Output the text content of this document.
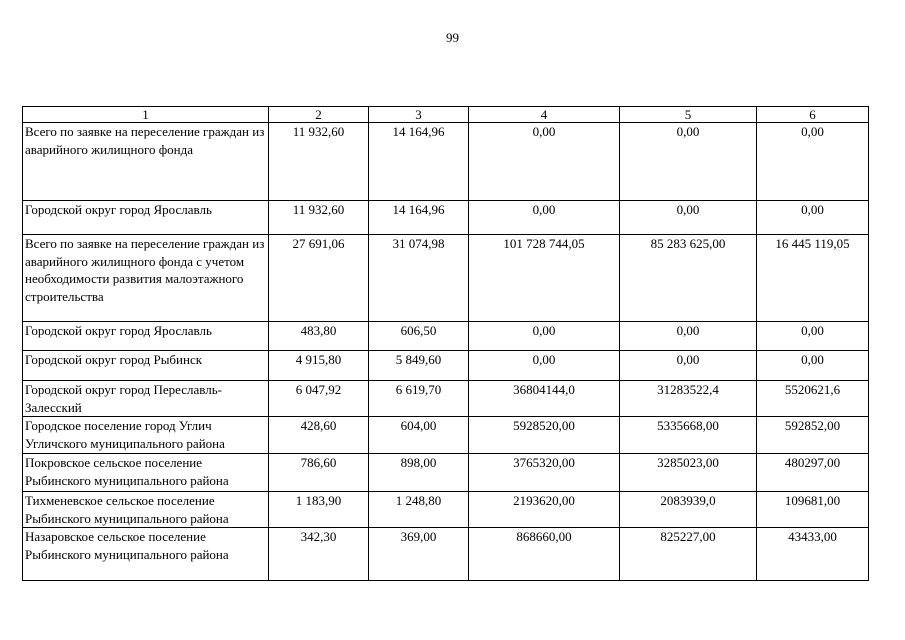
99
1	2	3	4	5	6
Всего по заявке на переселение граждан из аварийного жилищного фонда	11 932,60	14 164,96	0,00	0,00	0,00
Городской округ город Ярославль	11 932,60	14 164,96	0,00	0,00	0,00
Всего по заявке на переселение граждан из аварийного жилищного фонда с учетом необходимости развития малоэтажного строительства	27 691,06	31 074,98	101 728 744,05	85 283 625,00	16 445 119,05
Городской округ город Ярославль	483,80	606,50	0,00	0,00	0,00
Городской округ город Рыбинск	4 915,80	5 849,60	0,00	0,00	0,00
Городской округ город Переславль-Залесский	6 047,92	6 619,70	36804144,0	31283522,4	5520621,6
Городское поселение город Углич Угличского муниципального района	428,60	604,00	5928520,00	5335668,00	592852,00
Покровское сельское поселение Рыбинского муниципального района	786,60	898,00	3765320,00	3285023,00	480297,00
Тихменевское сельское поселение Рыбинского муниципального района	1 183,90	1 248,80	2193620,00	2083939,0	109681,00
Назаровское сельское поселение Рыбинского муниципального района	342,30	369,00	868660,00	825227,00	43433,00
